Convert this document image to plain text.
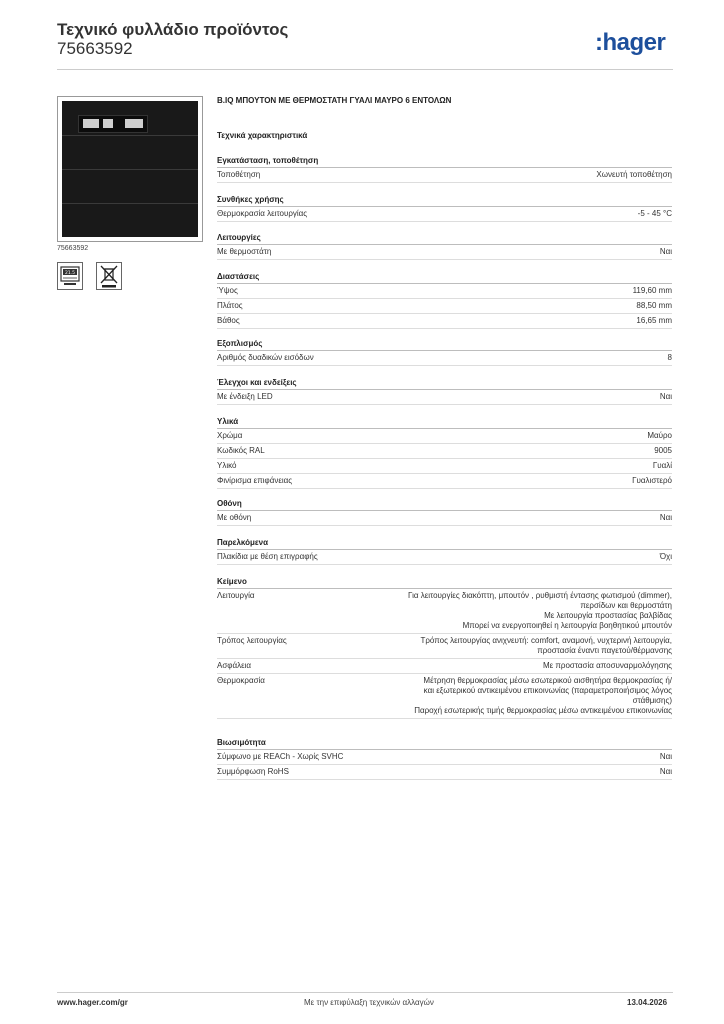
Τεχνικό φυλλάδιο προϊόντος
75663592	:hager
75663592
21.5
B.IQ ΜΠΟΥΤΟΝ ΜΕ ΘΕΡΜΟΣΤΑΤΗ ΓΥΑΛΙ ΜΑΥΡΟ 6 ΕΝΤΟΛΩΝ
Τεχνικά χαρακτηριστικά
Εγκατάσταση, τοποθέτηση
Τοποθέτηση	Χωνευτή τοποθέτηση
Συνθήκες χρήσης
Θερμοκρασία λειτουργίας	-5 - 45 °C
Λειτουργίες
Με θερμοστάτη	Ναι
Διαστάσεις
Ύψος	119,60 mm
Πλάτος	88,50 mm
Βάθος	16,65 mm
Εξοπλισμός
Αριθμός δυαδικών εισόδων	8
Έλεγχοι και ενδείξεις
Με ένδειξη LED	Ναι
Υλικά
Χρώμα	Μαύρο
Κωδικός RAL	9005
Υλικό	Γυαλί
Φινίρισμα επιφάνειας	Γυαλιστερό
Οθόνη
Με οθόνη	Ναι
Παρελκόμενα
Πλακίδια με θέση επιγραφής	Όχι
Κείμενο
Λειτουργία	Για λειτουργίες διακόπτη, μπουτόν , ρυθμιστή έντασης φωτισμού (dimmer),
περσίδων και θερμοστάτη
Με λειτουργία προστασίας βαλβίδας
Μπορεί να ενεργοποιηθεί η λειτουργία βοηθητικού μπουτόν
Τρόπος λειτουργίας	Τρόπος λειτουργίας ανιχνευτή: comfort, αναμονή, νυχτερινή λειτουργία,
προστασία έναντι παγετού/θέρμανσης
Ασφάλεια	Με προστασία αποσυναρμολόγησης
Θερμοκρασία	Μέτρηση θερμοκρασίας μέσω εσωτερικού αισθητήρα θερμοκρασίας ή/
και εξωτερικού αντικειμένου επικοινωνίας (παραμετροποιήσιμος λόγος
στάθμισης)
Παροχή εσωτερικής τιμής θερμοκρασίας μέσω αντικειμένου επικοινωνίας
Βιωσιμότητα
Σύμφωνο με REACh - Χωρίς SVHC	Ναι
Συμμόρφωση RoHS	Ναι
www.hager.com/gr	Με την επιφύλαξη τεχνικών αλλαγών	13.04.2026
